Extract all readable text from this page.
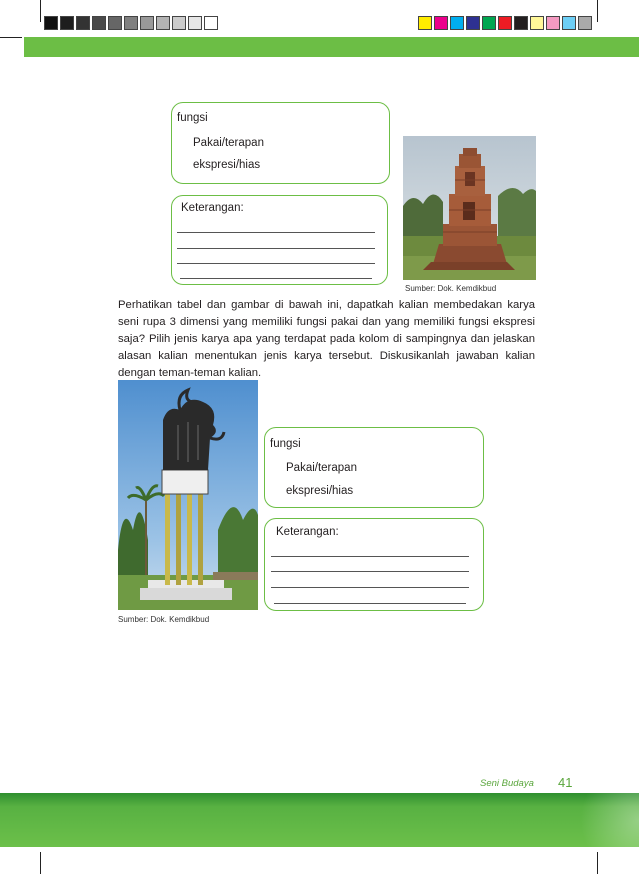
fungsi
Pakai/terapan
ekspresi/hias
Keterangan:
Sumber: Dok. Kemdikbud
Perhatikan tabel dan gambar di bawah ini, dapatkah kalian membedakan karya seni rupa 3 dimensi yang memiliki fungsi pakai dan yang memiliki fungsi ekspresi saja? Pilih jenis karya apa yang terdapat pada kolom di sampingnya dan jelaskan alasan kalian menentukan jenis karya tersebut. Diskusikanlah jawaban kalian dengan teman-teman kalian.
Sumber: Dok. Kemdikbud
fungsi
Pakai/terapan
ekspresi/hias
Keterangan:
Seni Budaya 41
